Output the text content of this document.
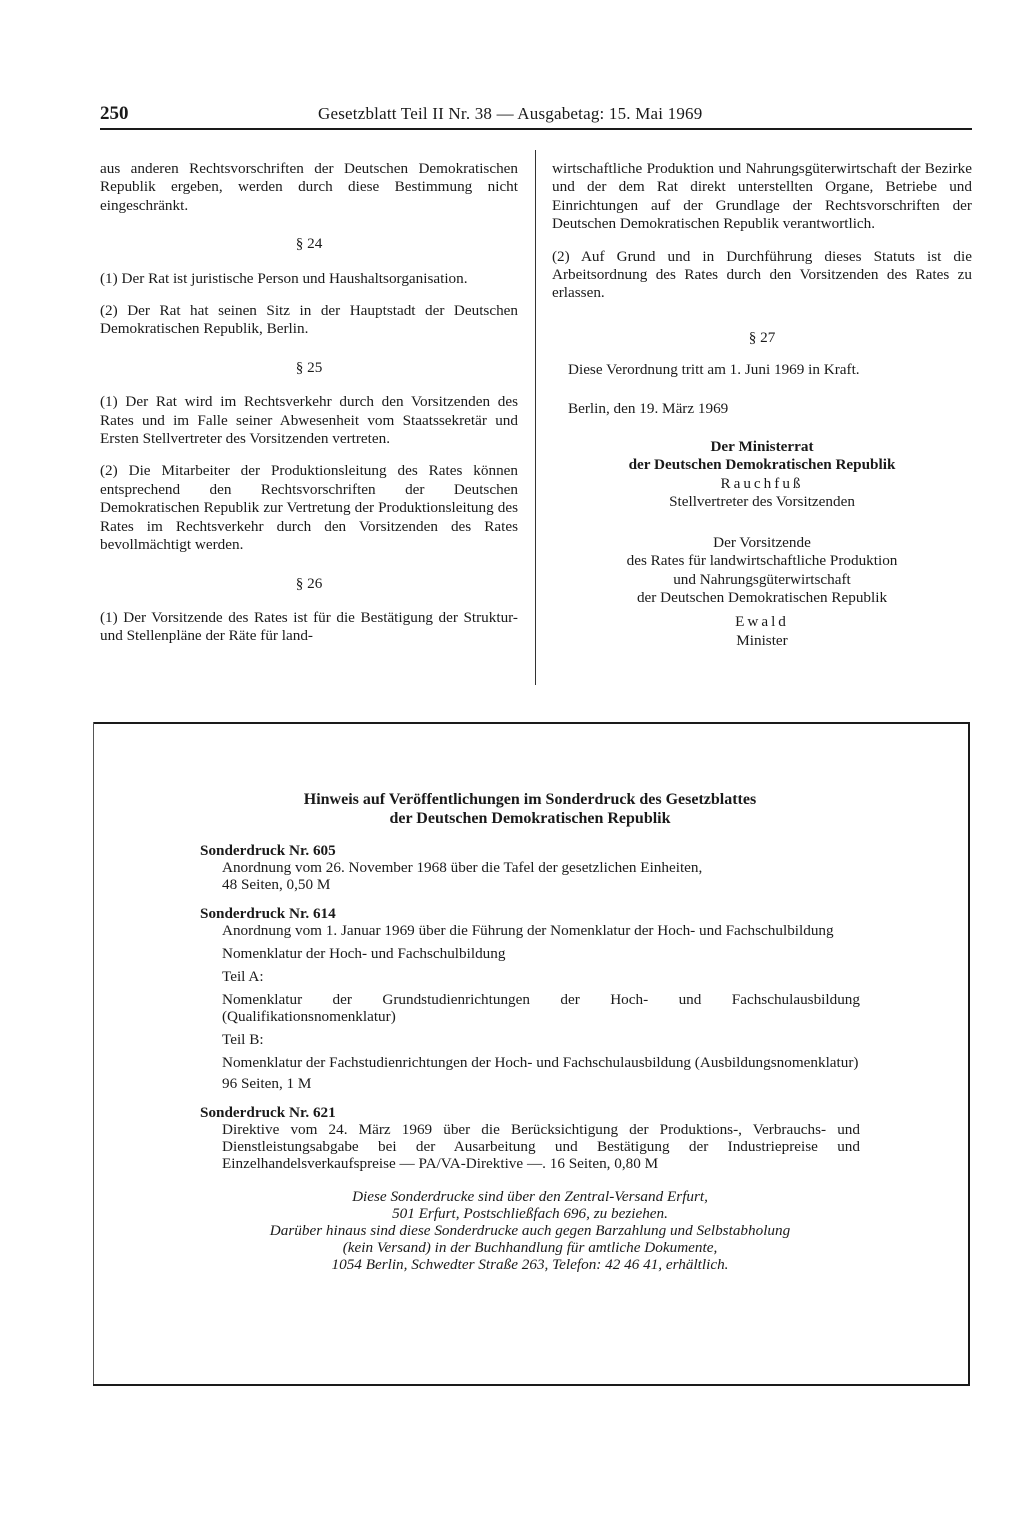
250	Gesetzblatt Teil II Nr. 38 — Ausgabetag: 15. Mai 1969

aus anderen Rechtsvorschriften der Deutschen Demokratischen Republik ergeben, werden durch diese Bestimmung nicht eingeschränkt.

§ 24

(1) Der Rat ist juristische Person und Haushaltsorganisation.

(2) Der Rat hat seinen Sitz in der Hauptstadt der Deutschen Demokratischen Republik, Berlin.

§ 25

(1) Der Rat wird im Rechtsverkehr durch den Vorsitzenden des Rates und im Falle seiner Abwesenheit vom Staatssekretär und Ersten Stellvertreter des Vorsitzenden vertreten.

(2) Die Mitarbeiter der Produktionsleitung des Rates können entsprechend den Rechtsvorschriften der Deutschen Demokratischen Republik zur Vertretung der Produktionsleitung des Rates im Rechtsverkehr durch den Vorsitzenden des Rates bevollmächtigt werden.

§ 26

(1) Der Vorsitzende des Rates ist für die Bestätigung der Struktur- und Stellenpläne der Räte für land-

wirtschaftliche Produktion und Nahrungsgüterwirtschaft der Bezirke und der dem Rat direkt unterstellten Organe, Betriebe und Einrichtungen auf der Grundlage der Rechtsvorschriften der Deutschen Demokratischen Republik verantwortlich.

(2) Auf Grund und in Durchführung dieses Statuts ist die Arbeitsordnung des Rates durch den Vorsitzenden des Rates zu erlassen.

§ 27

Diese Verordnung tritt am 1. Juni 1969 in Kraft.

Berlin, den 19. März 1969

Der Ministerrat

der Deutschen Demokratischen Republik

Rauchfuß

Stellvertreter des Vorsitzenden

Der Vorsitzende

des Rates für landwirtschaftliche Produktion

und Nahrungsgüterwirtschaft

der Deutschen Demokratischen Republik

Ewald

Minister

Hinweis auf Veröffentlichungen im Sonderdruck des Gesetzblattes
der Deutschen Demokratischen Republik

Sonderdruck Nr. 605

Anordnung vom 26. November 1968 über die Tafel der gesetzlichen Einheiten,

48 Seiten, 0,50 M

Sonderdruck Nr. 614

Anordnung vom 1. Januar 1969 über die Führung der Nomenklatur der Hoch- und Fachschulbildung

Nomenklatur der Hoch- und Fachschulbildung

Teil A:

Nomenklatur der Grundstudienrichtungen der Hoch- und Fachschulausbildung (Qualifikationsnomenklatur)

Teil B:

Nomenklatur der Fachstudienrichtungen der Hoch- und Fachschulausbildung (Ausbildungsnomenklatur)

96 Seiten, 1 M

Sonderdruck Nr. 621

Direktive vom 24. März 1969 über die Berücksichtigung der Produktions-, Verbrauchs- und Dienstleistungsabgabe bei der Ausarbeitung und Bestätigung der Industriepreise und Einzelhandelsverkaufspreise — PA/VA-Direktive —. 16 Seiten, 0,80 M

Diese Sonderdrucke sind über den Zentral-Versand Erfurt,

501 Erfurt, Postschließfach 696, zu beziehen.

Darüber hinaus sind diese Sonderdrucke auch gegen Barzahlung und Selbstabholung

(kein Versand) in der Buchhandlung für amtliche Dokumente,

1054 Berlin, Schwedter Straße 263, Telefon: 42 46 41, erhältlich.
